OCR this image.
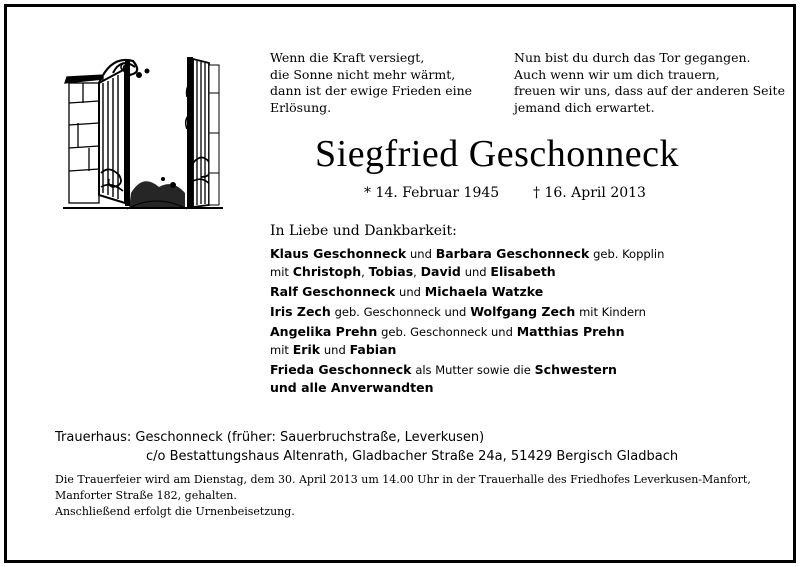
Wenn die Kraft versiegt,
die Sonne nicht mehr wärmt,
dann ist der ewige Frieden eine
Erlösung.
Nun bist du durch das Tor gegangen.
Auch wenn wir um dich trauern,
freuen wir uns, dass auf der anderen Seite
jemand dich erwartet.
Siegfried Geschonneck
* 14. Februar 1945 † 16. April 2013
In Liebe und Dankbarkeit:
Klaus Geschonneck und Barbara Geschonneck geb. Kopplin
mit Christoph, Tobias, David und Elisabeth
Ralf Geschonneck und Michaela Watzke
Iris Zech geb. Geschonneck und Wolfgang Zech mit Kindern
Angelika Prehn geb. Geschonneck und Matthias Prehn
mit Erik und Fabian
Frieda Geschonneck als Mutter sowie die Schwestern
und alle Anverwandten
Trauerhaus: Geschonneck (früher: Sauerbruchstraße, Leverkusen)
c/o Bestattungshaus Altenrath, Gladbacher Straße 24a, 51429 Bergisch Gladbach
Die Trauerfeier wird am Dienstag, dem 30. April 2013 um 14.00 Uhr in der Trauerhalle des Friedhofes Leverkusen-Manfort,
Manforter Straße 182, gehalten.
Anschließend erfolgt die Urnenbeisetzung.
